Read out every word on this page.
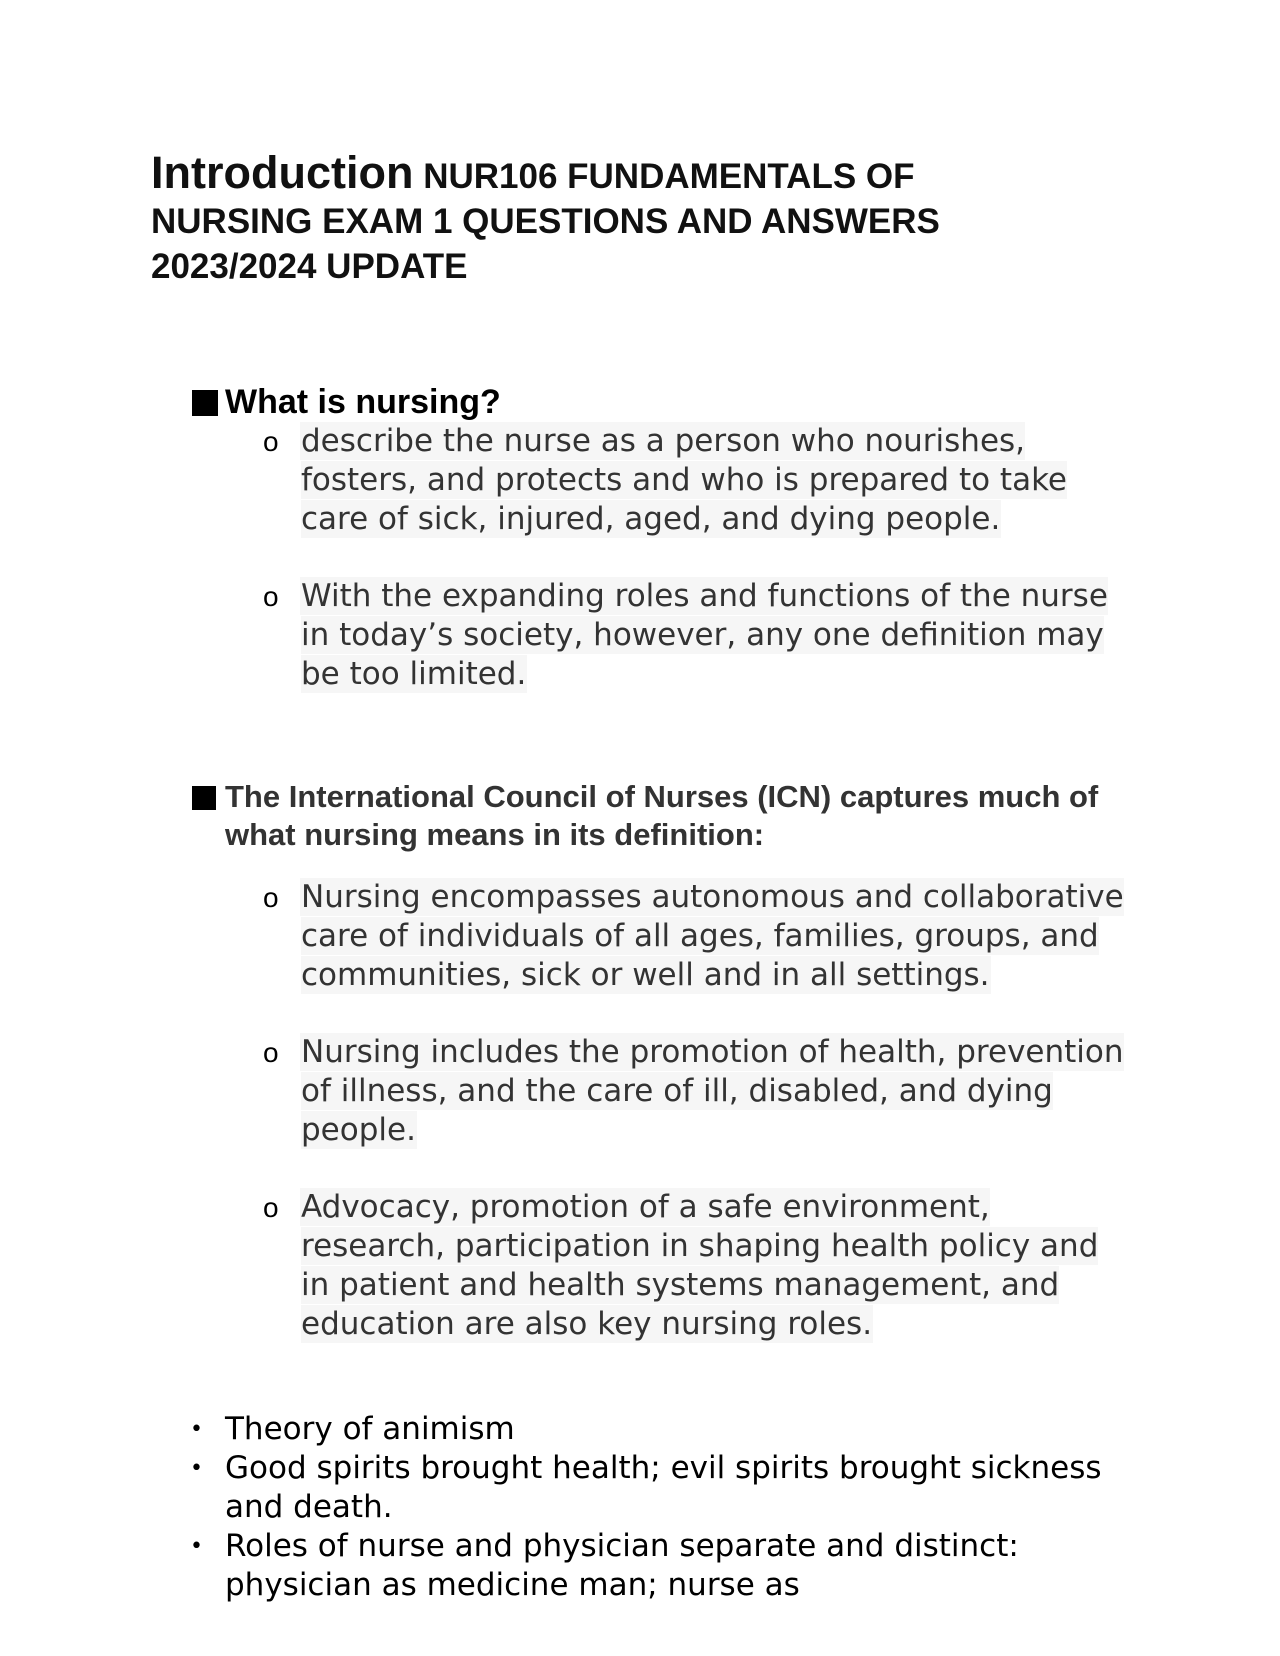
Introduction NUR106 FUNDAMENTALS OF NURSING EXAM 1 QUESTIONS AND ANSWERS 2023/2024 UPDATE
What is nursing?
o describe the nurse as a person who nourishes, fosters, and protects and who is prepared to take care of sick, injured, aged, and dying people.
o With the expanding roles and functions of the nurse in today’s society, however, any one definition may be too limited.
The International Council of Nurses (ICN) captures much of what nursing means in its definition:
o Nursing encompasses autonomous and collaborative care of individuals of all ages, families, groups, and communities, sick or well and in all settings.
o Nursing includes the promotion of health, prevention of illness, and the care of ill, disabled, and dying people.
o Advocacy, promotion of a safe environment, research, participation in shaping health policy and in patient and health systems management, and education are also key nursing roles.
• Theory of animism
• Good spirits brought health; evil spirits brought sickness and death.
• Roles of nurse and physician separate and distinct: physician as medicine man; nurse as
